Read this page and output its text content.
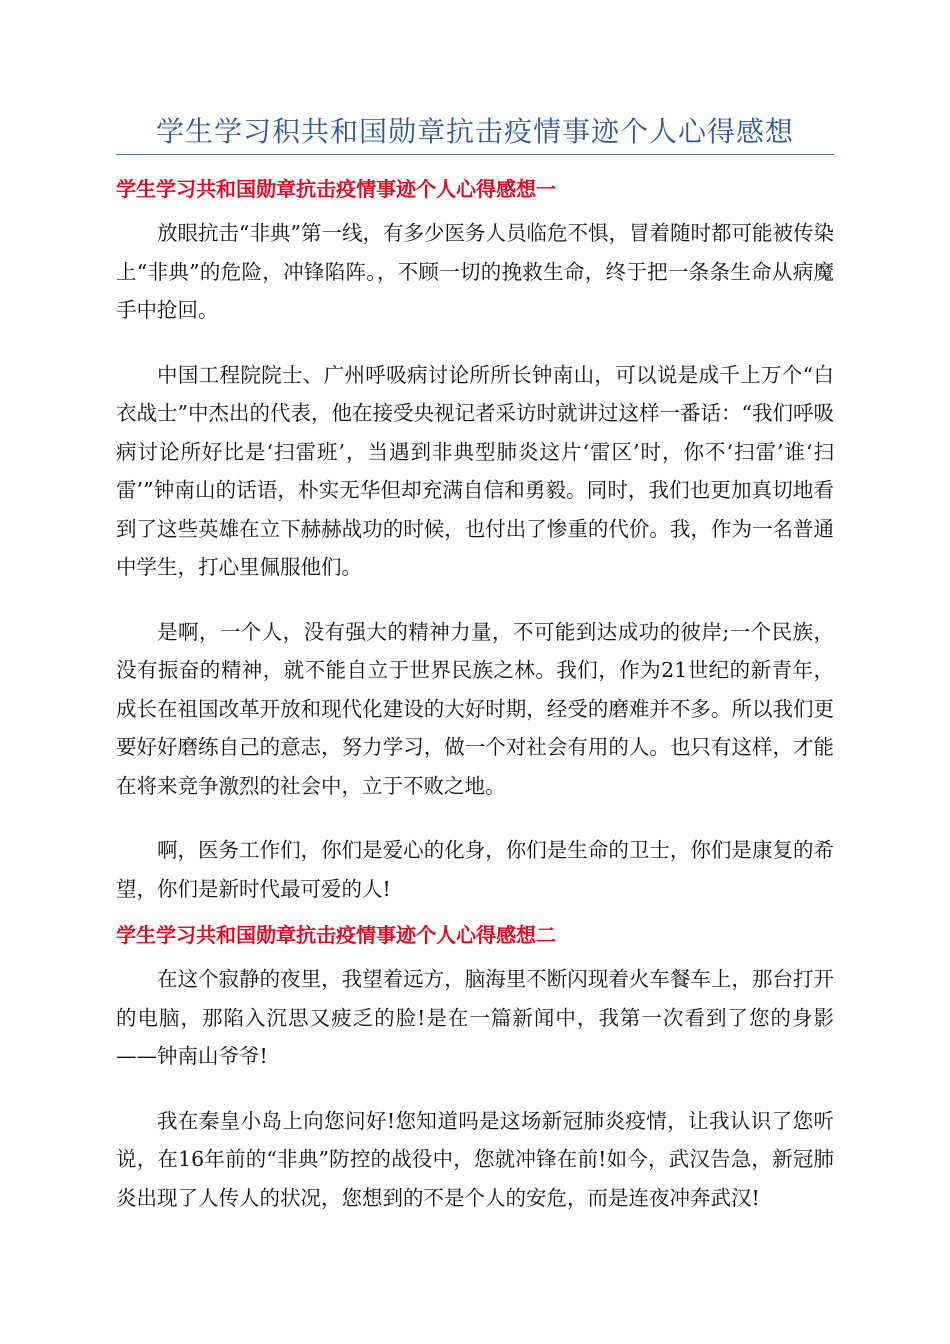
学生学习积共和国勋章抗击疫情事迹个人心得感想
学生学习共和国勋章抗击疫情事迹个人心得感想一

放眼抗击“非典”第一线，有多少医务人员临危不惧，冒着随时都可能被传染上“非典”的危险，冲锋陷阵。，不顾一切的挽救生命，终于把一条条生命从病魔手中抢回。

中国工程院院士、广州呼吸病讨论所所长钟南山，可以说是成千上万个“白衣战士”中杰出的代表，他在接受央视记者采访时就讲过这样一番话：“我们呼吸病讨论所好比是‘扫雷班’，当遇到非典型肺炎这片‘雷区’时，你不‘扫雷’谁‘扫雷’”钟南山的话语，朴实无华但却充满自信和勇毅。同时，我们也更加真切地看到了这些英雄在立下赫赫战功的时候，也付出了惨重的代价。我，作为一名普通中学生，打心里佩服他们。

是啊，一个人，没有强大的精神力量，不可能到达成功的彼岸;一个民族，没有振奋的精神，就不能自立于世界民族之林。我们，作为21世纪的新青年，成长在祖国改革开放和现代化建设的大好时期，经受的磨难并不多。所以我们更要好好磨练自己的意志，努力学习，做一个对社会有用的人。也只有这样，才能在将来竞争激烈的社会中，立于不败之地。

啊，医务工作们，你们是爱心的化身，你们是生命的卫士，你们是康复的希望，你们是新时代最可爱的人!

学生学习共和国勋章抗击疫情事迹个人心得感想二

在这个寂静的夜里，我望着远方，脑海里不断闪现着火车餐车上，那台打开的电脑，那陷入沉思又疲乏的脸!是在一篇新闻中，我第一次看到了您的身影——钟南山爷爷!

我在秦皇小岛上向您问好!您知道吗是这场新冠肺炎疫情，让我认识了您听说，在16年前的“非典”防控的战役中，您就冲锋在前!如今，武汉告急，新冠肺炎出现了人传人的状况，您想到的不是个人的安危，而是连夜冲奔武汉!
